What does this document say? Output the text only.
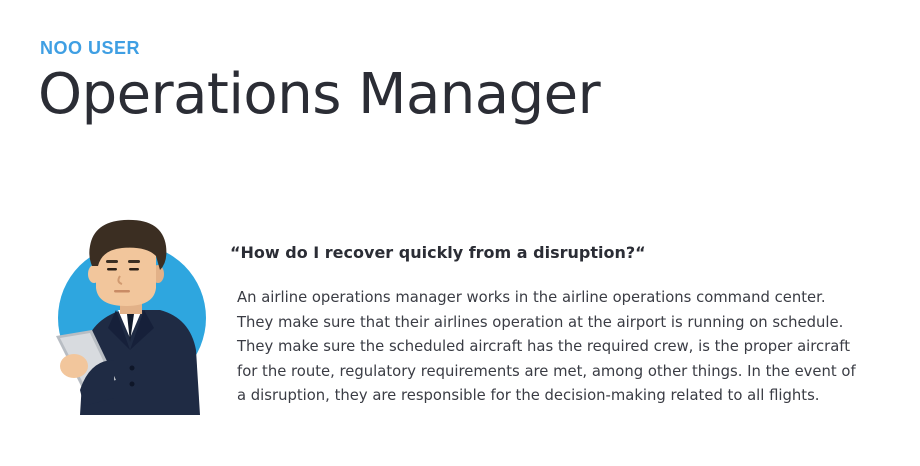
NOO USER
Operations Manager
“How do I recover quickly from a disruption?“
An airline operations manager works in the airline operations command center.
They make sure that their airlines operation at the airport is running on schedule.
They make sure the scheduled aircraft has the required crew, is the proper aircraft
for the route, regulatory requirements are met, among other things. In the event of
a disruption, they are responsible for the decision-making related to all flights.
